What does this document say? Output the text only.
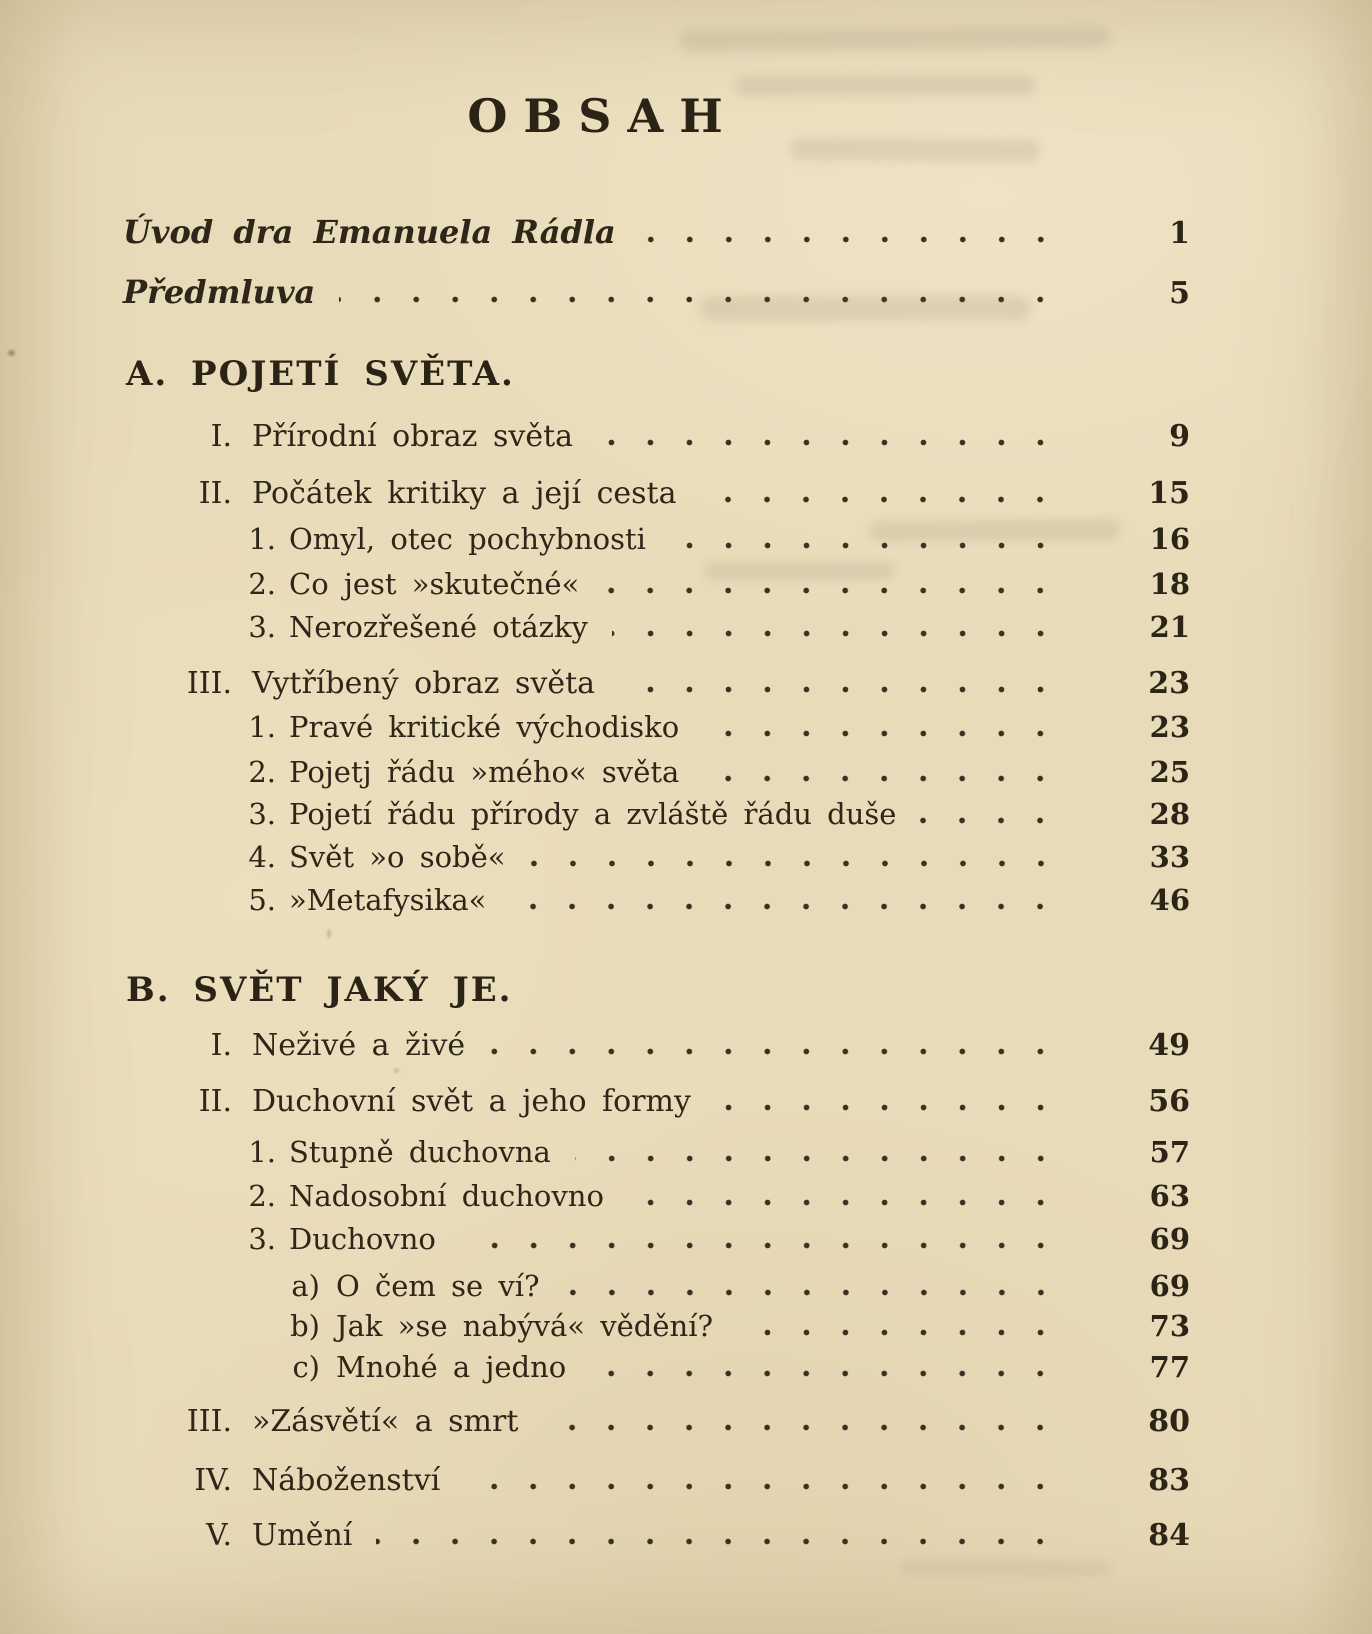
OBSAH
Úvod dra Emanuela Rádla	1
Předmluva	5
A. POJETÍ SVĚTA.
I. Přírodní obraz světa	9
II. Počátek kritiky a její cesta	15
1. Omyl, otec pochybnosti	16
2. Co jest »skutečné«	18
3. Nerozřešené otázky	21
III. Vytříbený obraz světa	23
1. Pravé kritické východisko	23
2. Pojetj řádu »mého« světa	25
3. Pojetí řádu přírody a zvláště řádu duše	28
4. Svět »o sobě«	33
5. »Metafysika«	46
B. SVĚT JAKÝ JE.
I. Neživé a živé	49
II. Duchovní svět a jeho formy	56
1. Stupně duchovna	57
2. Nadosobní duchovno	63
3. Duchovno	69
a) O čem se ví?	69
b) Jak »se nabývá« vědění?	73
c) Mnohé a jedno	77
III. »Zásvětí« a smrt	80
IV. Náboženství	83
V. Umění	84
